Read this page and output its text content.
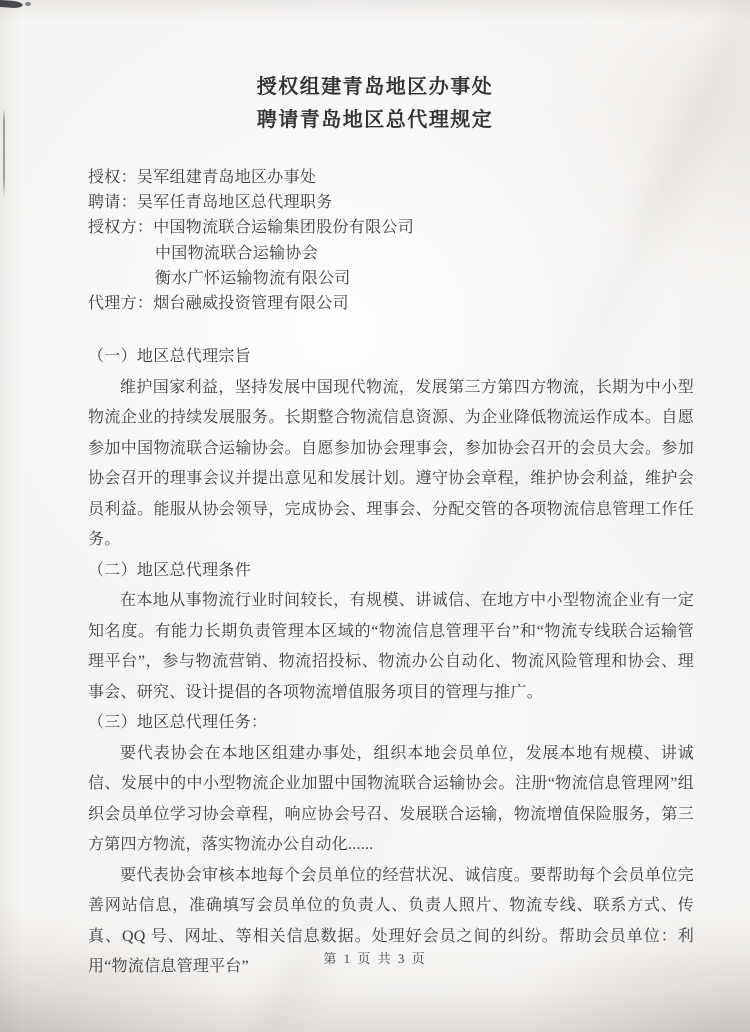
授权组建青岛地区办事处
聘请青岛地区总代理规定
授权：吴军组建青岛地区办事处
聘请：吴军任青岛地区总代理职务
授权方：中国物流联合运输集团股份有限公司
中国物流联合运输协会
衡水广怀运输物流有限公司
代理方：烟台融威投资管理有限公司
（一）地区总代理宗旨

维护国家利益，坚持发展中国现代物流，发展第三方第四方物流，长期为中小型物流企业的持续发展服务。长期整合物流信息资源、为企业降低物流运作成本。自愿参加中国物流联合运输协会。自愿参加协会理事会，参加协会召开的会员大会。参加协会召开的理事会议并提出意见和发展计划。遵守协会章程，维护协会利益，维护会员利益。能服从协会领导，完成协会、理事会、分配交管的各项物流信息管理工作任务。

（二）地区总代理条件

在本地从事物流行业时间较长，有规模、讲诚信、在地方中小型物流企业有一定知名度。有能力长期负责管理本区域的“物流信息管理平台”和“物流专线联合运输管理平台”，参与物流营销、物流招投标、物流办公自动化、物流风险管理和协会、理事会、研究、设计提倡的各项物流增值服务项目的管理与推广。

（三）地区总代理任务：

要代表协会在本地区组建办事处，组织本地会员单位，发展本地有规模、讲诚信、发展中的中小型物流企业加盟中国物流联合运输协会。注册“物流信息管理网”组织会员单位学习协会章程，响应协会号召、发展联合运输，物流增值保险服务，第三方第四方物流，落实物流办公自动化......

要代表协会审核本地每个会员单位的经营状况、诚信度。要帮助每个会员单位完善网站信息，准确填写会员单位的负责人、负责人照片、物流专线、联系方式、传真、QQ 号、网址、等相关信息数据。处理好会员之间的纠纷。帮助会员单位：利用“物流信息管理平台”	第 1 页 共 3 页
